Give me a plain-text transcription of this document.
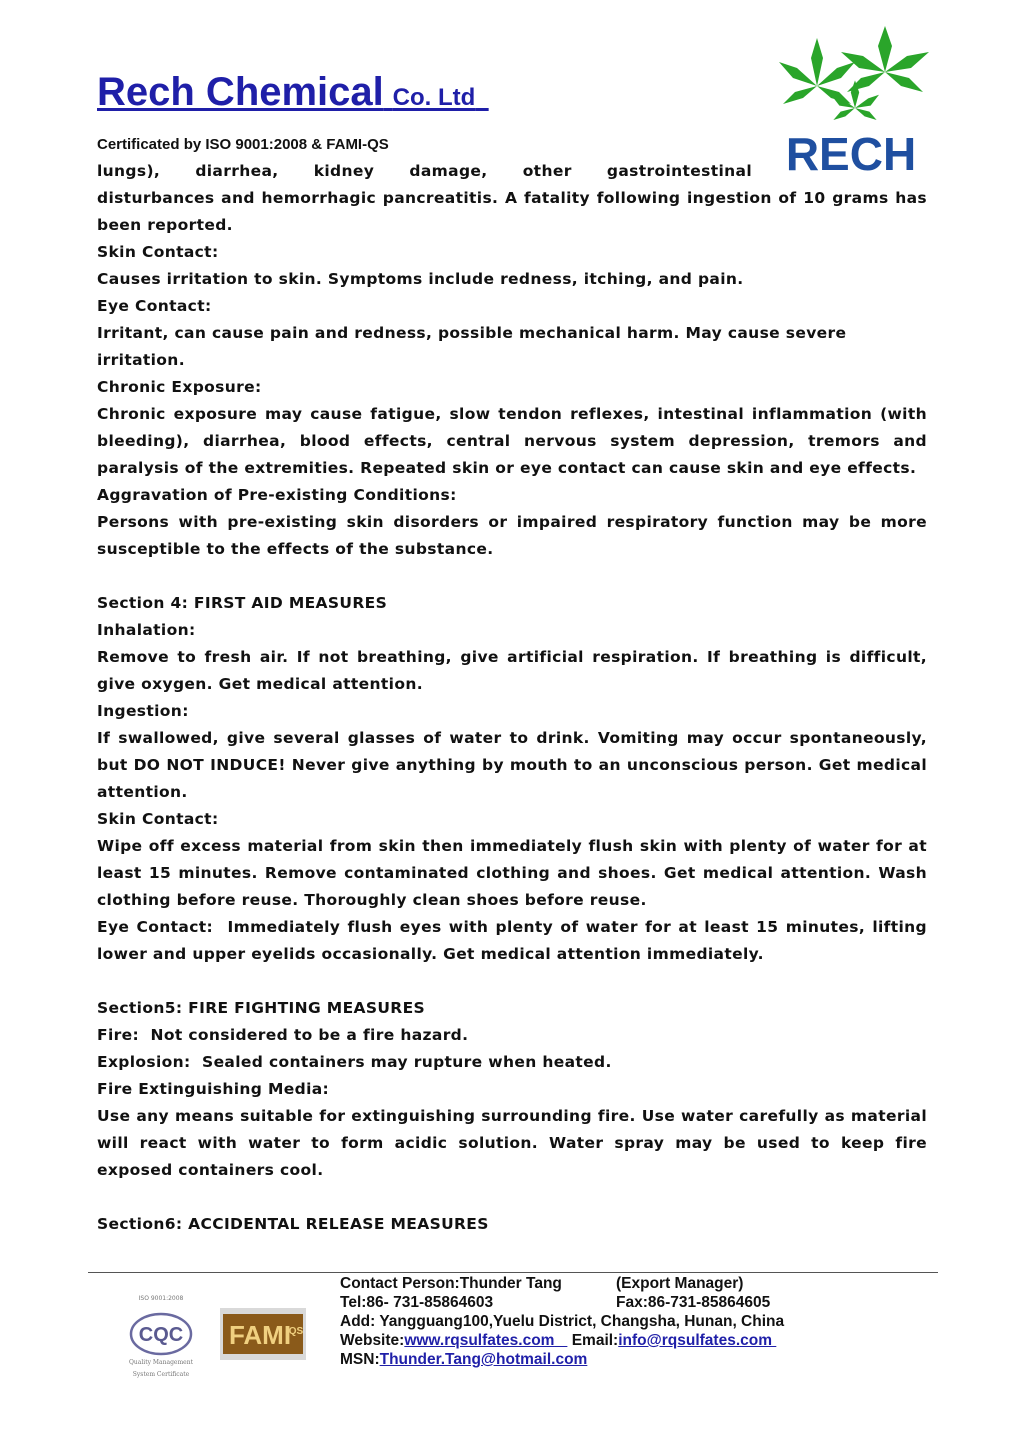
Rech Chemical Co. Ltd
Certificated by ISO 9001:2008 & FAMI-QS	RECH

lungs), diarrhea, kidney damage, other gastrointestinal

disturbances and hemorrhagic pancreatitis. A fatality following ingestion of 10 grams has been reported.

Skin Contact:

Causes irritation to skin. Symptoms include redness, itching, and pain.

Eye Contact:

Irritant, can cause pain and redness, possible mechanical harm. May cause severe irritation.

Chronic Exposure:

Chronic exposure may cause fatigue, slow tendon reflexes, intestinal inflammation (with bleeding), diarrhea, blood effects, central nervous system depression, tremors and paralysis of the extremities. Repeated skin or eye contact can cause skin and eye effects.

Aggravation of Pre-existing Conditions:

Persons with pre-existing skin disorders or impaired respiratory function may be more susceptible to the effects of the substance.

Section 4: FIRST AID MEASURES

Inhalation:

Remove to fresh air. If not breathing, give artificial respiration. If breathing is difficult, give oxygen. Get medical attention.

Ingestion:

If swallowed, give several glasses of water to drink. Vomiting may occur spontaneously, but DO NOT INDUCE! Never give anything by mouth to an unconscious person. Get medical attention.

Skin Contact:

Wipe off excess material from skin then immediately flush skin with plenty of water for at least 15 minutes. Remove contaminated clothing and shoes. Get medical attention. Wash clothing before reuse. Thoroughly clean shoes before reuse.

Eye Contact:  Immediately flush eyes with plenty of water for at least 15 minutes, lifting lower and upper eyelids occasionally. Get medical attention immediately.

Section5: FIRE FIGHTING MEASURES

Fire:  Not considered to be a fire hazard.

Explosion:  Sealed containers may rupture when heated.

Fire Extinguishing Media:

Use any means suitable for extinguishing surrounding fire. Use water carefully as material will react with water to form acidic solution. Water spray may be used to keep fire exposed containers cool.

Section6: ACCIDENTAL RELEASE MEASURES

ISO 9001:2008
CQC
Quality Management
System Certificate
FAMI
QS
Contact Person:Thunder Tang	(Export Manager)
Tel:86- 731-85864603	Fax:86-731-85864605
Add: Yangguang100,Yuelu District, Changsha, Hunan, China
Website:www.rqsulfates.com Email:info@rqsulfates.com
MSN:Thunder.Tang@hotmail.com
